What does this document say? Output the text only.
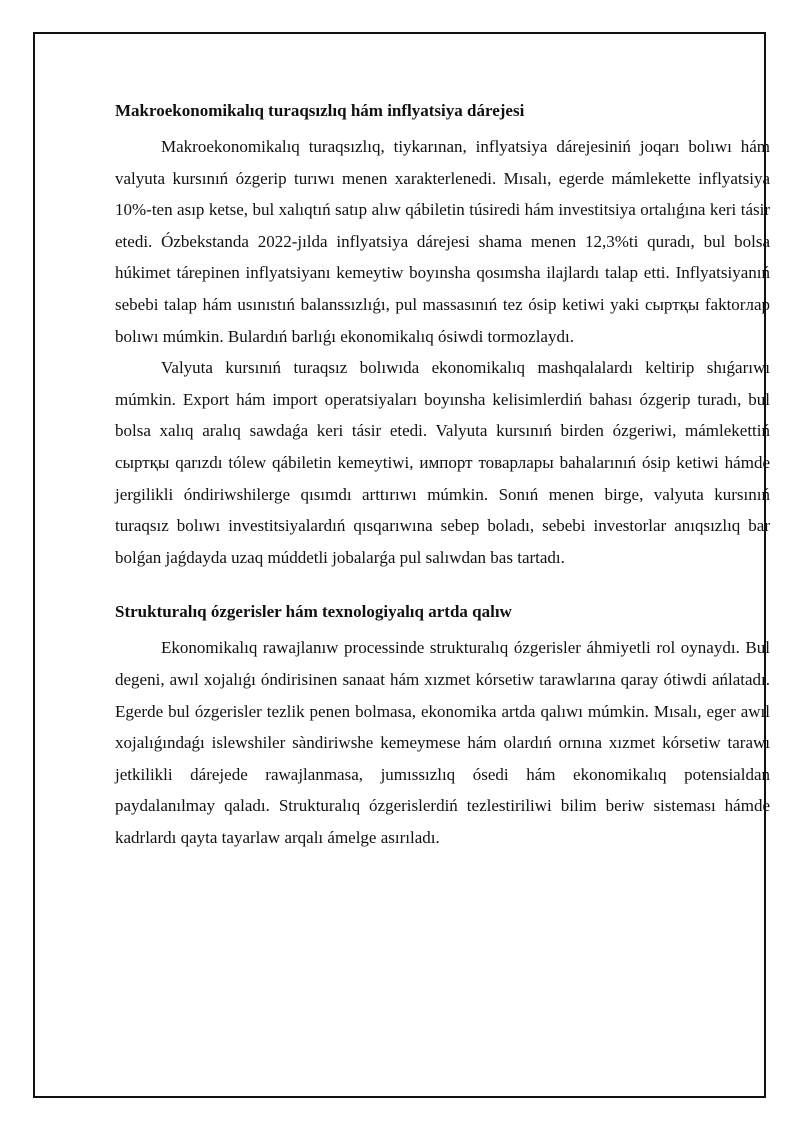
Makroekonomikalıq turaqsızlıq hám inflyatsiya dárejesi

Makroekonomikalıq turaqsızlıq, tiykarınan, inflyatsiya dárejesiniń joqarı bolıwı hám valyuta kursınıń ózgerip turıwı menen xarakterlenedi. Mısalı, egerde mámlekette inflyatsiya 10%-ten asıp ketse, bul xalıqtıń satıp alıw qábiletin túsiredi hám investitsiya ortalıǵına keri tásir etedi. Ózbekstanda 2022-jılda inflyatsiya dárejesi shama menen 12,3%ti quradı, bul bolsa húkimet tárepinen inflyatsiyanı kemeytiw boyınsha qosımsha ilajlardı talap etti. Inflyatsiyanıń sebebi talap hám usınıstıń balanssızlıǵı, pul massasınıń tez ósip ketiwi yaki сыртқы faktorлар bolıwı múmkin. Bulardıń barlıǵı ekonomikalıq ósiwdi tormozlaydı.

Valyuta kursınıń turaqsız bolıwıda ekonomikalıq mashqalalardı keltirip shıǵarıwı múmkin. Export hám import operatsiyaları boyınsha kelisimlerdiń bahası ózgerip turadı, bul bolsa xalıq aralıq sawdaǵa keri tásir etedi. Valyuta kursınıń birden ózgeriwi, mámlekettiń сыртқы qarızdı tólew qábiletin kemeytiwi, импорт товарлары bahalarınıń ósip ketiwi hámde jergilikli óndiriwshilerge qısımdı arttırıwı múmkin. Sonıń menen birge, valyuta kursınıń turaqsız bolıwı investitsiyalardıń qısqarıwına sebep boladı, sebebi investorlar anıqsızlıq bar bolǵan jaǵdayda uzaq múddetli jobalarǵa pul salıwdan bas tartadı.

Strukturalıq ózgerisler hám texnologiyalıq artda qalıw

Ekonomikalıq rawajlanıw processinde strukturalıq ózgerisler áhmiyetli rol oynaydı. Bul degeni, awıl xojalıǵı óndirisinen sanaat hám xızmet kórsetiw tarawlarına qaray ótiwdi ańlatadı. Egerde bul ózgerisler tezlik penen bolmasa, ekonomika artda qalıwı múmkin. Mısalı, eger awıl xojalıǵındaǵı islewshiler sàndiriwshe kemeymese hám olardıń ornına xızmet kórsetiw tarawı jetkilikli dárejede rawajlanmasa, jumıssızlıq ósedi hám ekonomikalıq potensialdan paydalanılmay qaladı. Strukturalıq ózgerislerdiń tezlestiriliwi bilim beriw sisteması hámde kadrlardı qayta tayarlaw arqalı ámelge asırıladı.
